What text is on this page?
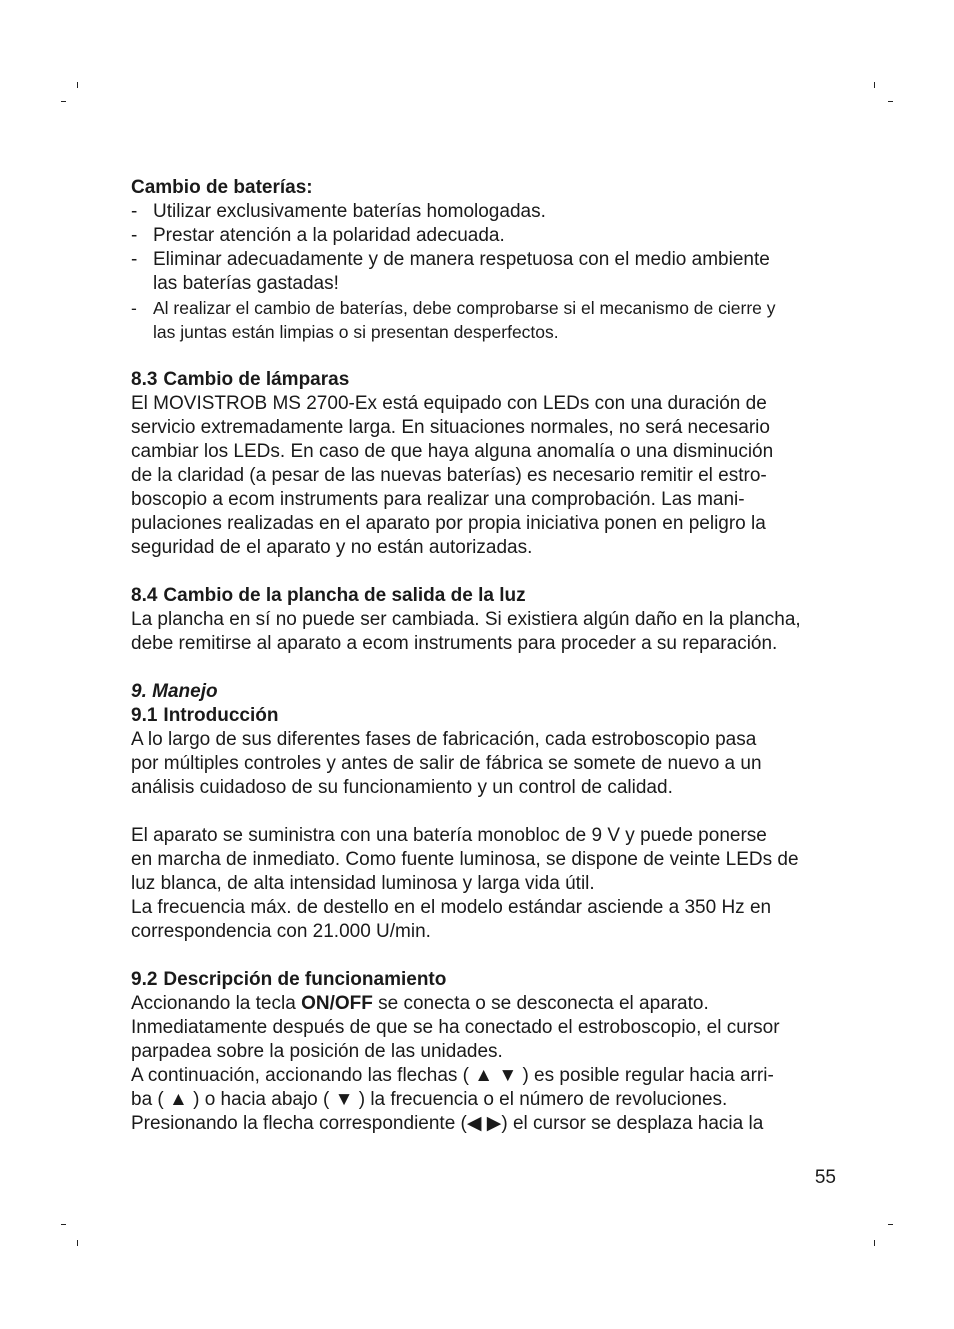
Cambio de baterías:
- Utilizar exclusivamente baterías homologadas.
- Prestar atención a la polaridad adecuada.
- Eliminar adecuadamente y de manera respetuosa con el medio ambiente
las baterías gastadas!
- Al realizar el cambio de baterías, debe comprobarse si el mecanismo de cierre y
las juntas están limpias o si presentan desperfectos.
8.3 Cambio de lámparas

El MOVISTROB MS 2700-Ex está equipado con LEDs con una duración de

servicio extremadamente larga. En situaciones normales, no será necesario

cambiar los LEDs. En caso de que haya alguna anomalía o una disminución

de la claridad (a pesar de las nuevas baterías) es necesario remitir el estro-

boscopio a ecom instruments para realizar una comprobación. Las mani-

pulaciones realizadas en el aparato por propia iniciativa ponen en peligro la

seguridad de el aparato y no están autorizadas.

8.4 Cambio de la plancha de salida de la luz

La plancha en sí no puede ser cambiada. Si existiera algún daño en la plancha,

debe remitirse al aparato a ecom instruments para proceder a su reparación.

9. Manejo
9.1 Introducción

A lo largo de sus diferentes fases de fabricación, cada estroboscopio pasa

por múltiples controles y antes de salir de fábrica se somete de nuevo a un

análisis cuidadoso de su funcionamiento y un control de calidad.

El aparato se suministra con una batería monobloc de 9 V y puede ponerse

en marcha de inmediato. Como fuente luminosa, se dispone de veinte LEDs de

luz blanca, de alta intensidad luminosa y larga vida útil.

La frecuencia máx. de destello en el modelo estándar asciende a 350 Hz en

correspondencia con 21.000 U/min.

9.2 Descripción de funcionamiento

Accionando la tecla ON/OFF se conecta o se desconecta el aparato.

Inmediatamente después de que se ha conectado el estroboscopio, el cursor

parpadea sobre la posición de las unidades.

A continuación, accionando las flechas ( ▲ ▼ ) es posible regular hacia arri-

ba ( ▲ ) o hacia abajo ( ▼ ) la frecuencia o el número de revoluciones.

Presionando la flecha correspondiente (◀ ▶) el cursor se desplaza hacia la

55
